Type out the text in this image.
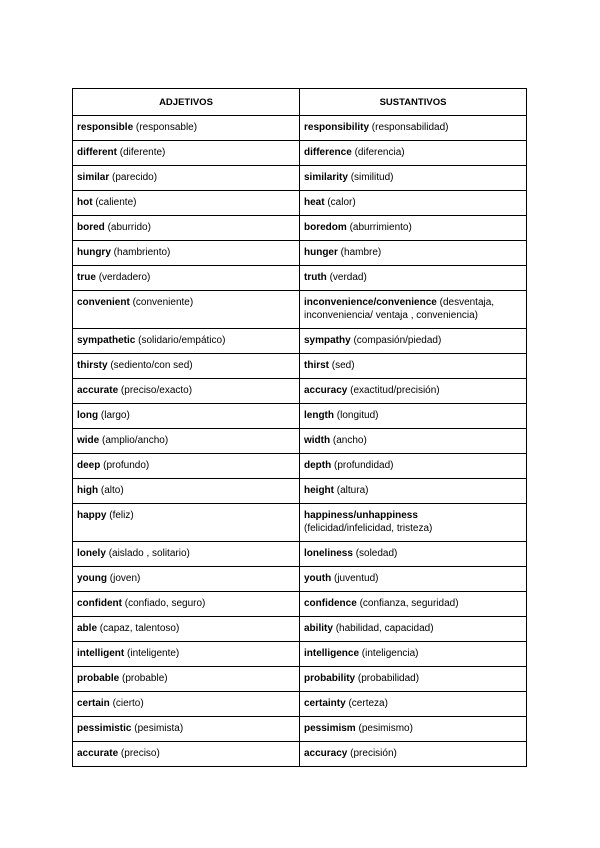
ADJETIVOS	SUSTANTIVOS
responsible (responsable)	responsibility (responsabilidad)
different (diferente)	difference (diferencia)
similar (parecido)	similarity (similitud)
hot (caliente)	heat (calor)
bored (aburrido)	boredom (aburrimiento)
hungry (hambriento)	hunger (hambre)
true (verdadero)	truth (verdad)
convenient (conveniente)	inconvenience/convenience (desventaja,
inconveniencia/ ventaja , conveniencia)
sympathetic (solidario/empático)	sympathy (compasión/piedad)
thirsty (sediento/con sed)	thirst (sed)
accurate (preciso/exacto)	accuracy (exactitud/precisión)
long (largo)	length (longitud)
wide (amplio/ancho)	width (ancho)
deep (profundo)	depth (profundidad)
high (alto)	height (altura)
happy (feliz)	happiness/unhappiness
(felicidad/infelicidad, tristeza)
lonely (aislado , solitario)	loneliness (soledad)
young (joven)	youth (juventud)
confident (confiado, seguro)	confidence (confianza, seguridad)
able (capaz, talentoso)	ability (habilidad, capacidad)
intelligent (inteligente)	intelligence (inteligencia)
probable (probable)	probability (probabilidad)
certain (cierto)	certainty (certeza)
pessimistic (pesimista)	pessimism (pesimismo)
accurate (preciso)	accuracy (precisión)
